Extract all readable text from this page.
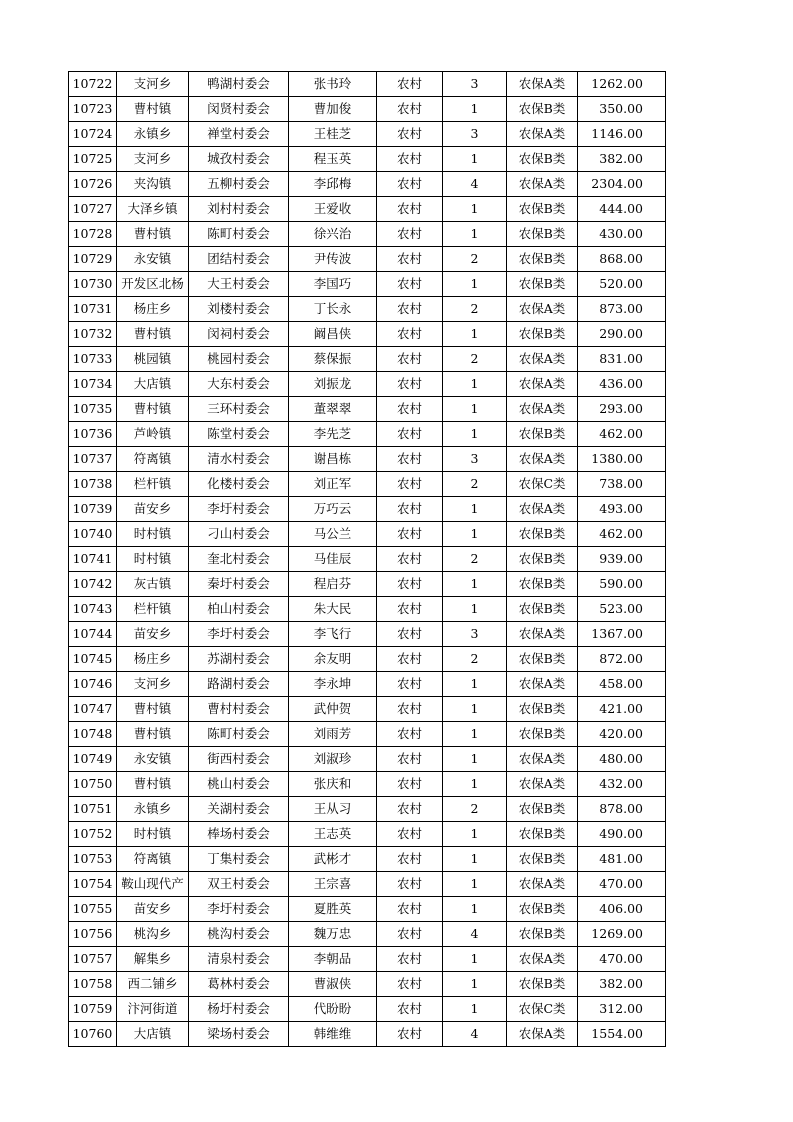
10722	支河乡	鸭湖村委会	张书玲	农村	3	农保A类	1262.00
10723	曹村镇	闵贤村委会	曹加俊	农村	1	农保B类	350.00
10724	永镇乡	禅堂村委会	王桂芝	农村	3	农保A类	1146.00
10725	支河乡	城孜村委会	程玉英	农村	1	农保B类	382.00
10726	夹沟镇	五柳村委会	李邱梅	农村	4	农保A类	2304.00
10727	大泽乡镇	刘村村委会	王爱收	农村	1	农保B类	444.00
10728	曹村镇	陈町村委会	徐兴治	农村	1	农保B类	430.00
10729	永安镇	团结村委会	尹传波	农村	2	农保B类	868.00
10730	开发区北杨	大王村委会	李国巧	农村	1	农保B类	520.00
10731	杨庄乡	刘楼村委会	丁长永	农村	2	农保A类	873.00
10732	曹村镇	闵祠村委会	阚昌侠	农村	1	农保B类	290.00
10733	桃园镇	桃园村委会	蔡保振	农村	2	农保A类	831.00
10734	大店镇	大东村委会	刘振龙	农村	1	农保A类	436.00
10735	曹村镇	三环村委会	董翠翠	农村	1	农保A类	293.00
10736	芦岭镇	陈堂村委会	李先芝	农村	1	农保B类	462.00
10737	符离镇	清水村委会	谢昌栋	农村	3	农保A类	1380.00
10738	栏杆镇	化楼村委会	刘正军	农村	2	农保C类	738.00
10739	苗安乡	李圩村委会	万巧云	农村	1	农保A类	493.00
10740	时村镇	刁山村委会	马公兰	农村	1	农保B类	462.00
10741	时村镇	奎北村委会	马佳辰	农村	2	农保B类	939.00
10742	灰古镇	秦圩村委会	程启芬	农村	1	农保B类	590.00
10743	栏杆镇	柏山村委会	朱大民	农村	1	农保B类	523.00
10744	苗安乡	李圩村委会	李飞行	农村	3	农保A类	1367.00
10745	杨庄乡	苏湖村委会	余友明	农村	2	农保B类	872.00
10746	支河乡	路湖村委会	李永坤	农村	1	农保A类	458.00
10747	曹村镇	曹村村委会	武仲贺	农村	1	农保B类	421.00
10748	曹村镇	陈町村委会	刘雨芳	农村	1	农保B类	420.00
10749	永安镇	街西村委会	刘淑珍	农村	1	农保A类	480.00
10750	曹村镇	桃山村委会	张庆和	农村	1	农保A类	432.00
10751	永镇乡	关湖村委会	王从习	农村	2	农保B类	878.00
10752	时村镇	棒场村委会	王志英	农村	1	农保B类	490.00
10753	符离镇	丁集村委会	武彬才	农村	1	农保B类	481.00
10754	鞍山现代产	双王村委会	王宗喜	农村	1	农保A类	470.00
10755	苗安乡	李圩村委会	夏胜英	农村	1	农保B类	406.00
10756	桃沟乡	桃沟村委会	魏万忠	农村	4	农保B类	1269.00
10757	解集乡	清泉村委会	李朝品	农村	1	农保A类	470.00
10758	西二铺乡	葛林村委会	曹淑侠	农村	1	农保B类	382.00
10759	汴河街道	杨圩村委会	代盼盼	农村	1	农保C类	312.00
10760	大店镇	梁场村委会	韩维维	农村	4	农保A类	1554.00
